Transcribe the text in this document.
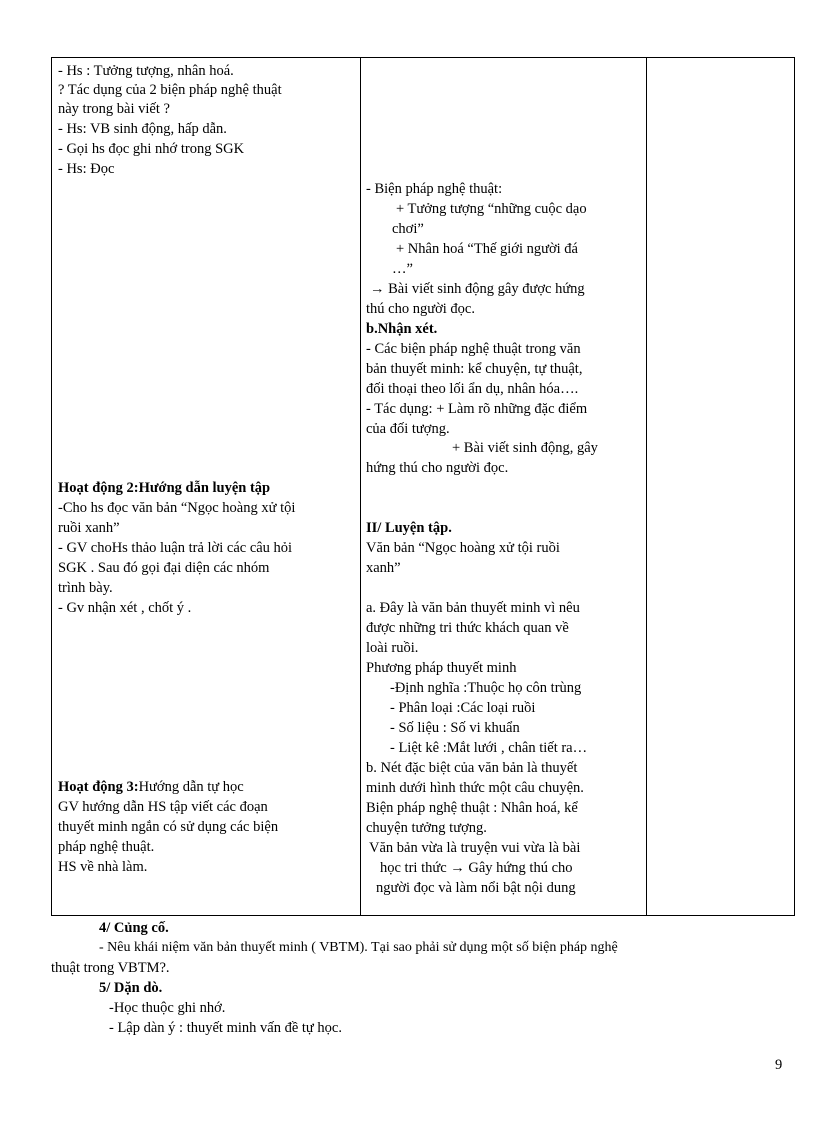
- Hs : Tưởng tượng, nhân hoá.
? Tác dụng của 2 biện pháp nghệ thuật
này trong bài viết ?
- Hs: VB sinh động, hấp dẫn.
- Gọi hs đọc ghi nhớ trong SGK
- Hs: Đọc
Hoạt động 2:Hướng dẫn luyện tập
-Cho hs đọc văn bản “Ngọc hoàng xử tội
ruồi xanh”
- GV choHs thảo luận trả lời các câu hỏi
SGK . Sau đó gọi đại diện các nhóm
trình bày.
- Gv nhận xét , chốt ý .
Hoạt động 3:Hướng dẫn tự học
GV hướng dẫn HS tập viết các đoạn
thuyết minh ngắn có sử dụng các biện
pháp nghệ thuật.
HS về nhà làm.
- Biện pháp nghệ thuật:
+ Tưởng tượng “những cuộc dạo
chơi”
+ Nhân hoá “Thế giới người đá
…”
→ Bài viết sinh động gây được hứng
thú cho người đọc.
b.Nhận xét.
- Các biện pháp nghệ thuật trong văn
bản thuyết minh: kể chuyện, tự thuật,
đối thoại theo lối ẩn dụ, nhân hóa….
- Tác dụng: + Làm rõ những đặc điểm
của đối tượng.
+ Bài viết sinh động, gây
hứng thú cho người đọc.
II/ Luyện tập.
Văn bản “Ngọc hoàng xử tội ruồi
xanh”
a. Đây là văn bản thuyết minh vì nêu
được những tri thức khách quan về
loài ruồi.
Phương pháp thuyết minh
-Định nghĩa :Thuộc họ côn trùng
- Phân loại :Các loại ruồi
- Số liệu : Số vi khuẩn
- Liệt kê :Mắt lưới , chân tiết ra…
b. Nét đặc biệt của văn bản là thuyết
minh dưới hình thức một câu chuyện.
Biện pháp nghệ thuật : Nhân hoá, kể
chuyện tưởng tượng.
Văn bản vừa là truyện vui vừa là bài
học tri thức → Gây hứng thú cho
người đọc và làm nổi bật nội dung
4/ Củng cố.
- Nêu khái niệm văn bản thuyết minh ( VBTM). Tại sao phải sử dụng một số biện pháp nghệ
thuật trong VBTM?.
5/ Dặn dò.
-Học thuộc ghi nhớ.
- Lập dàn ý : thuyết minh vấn đề tự học.
9
